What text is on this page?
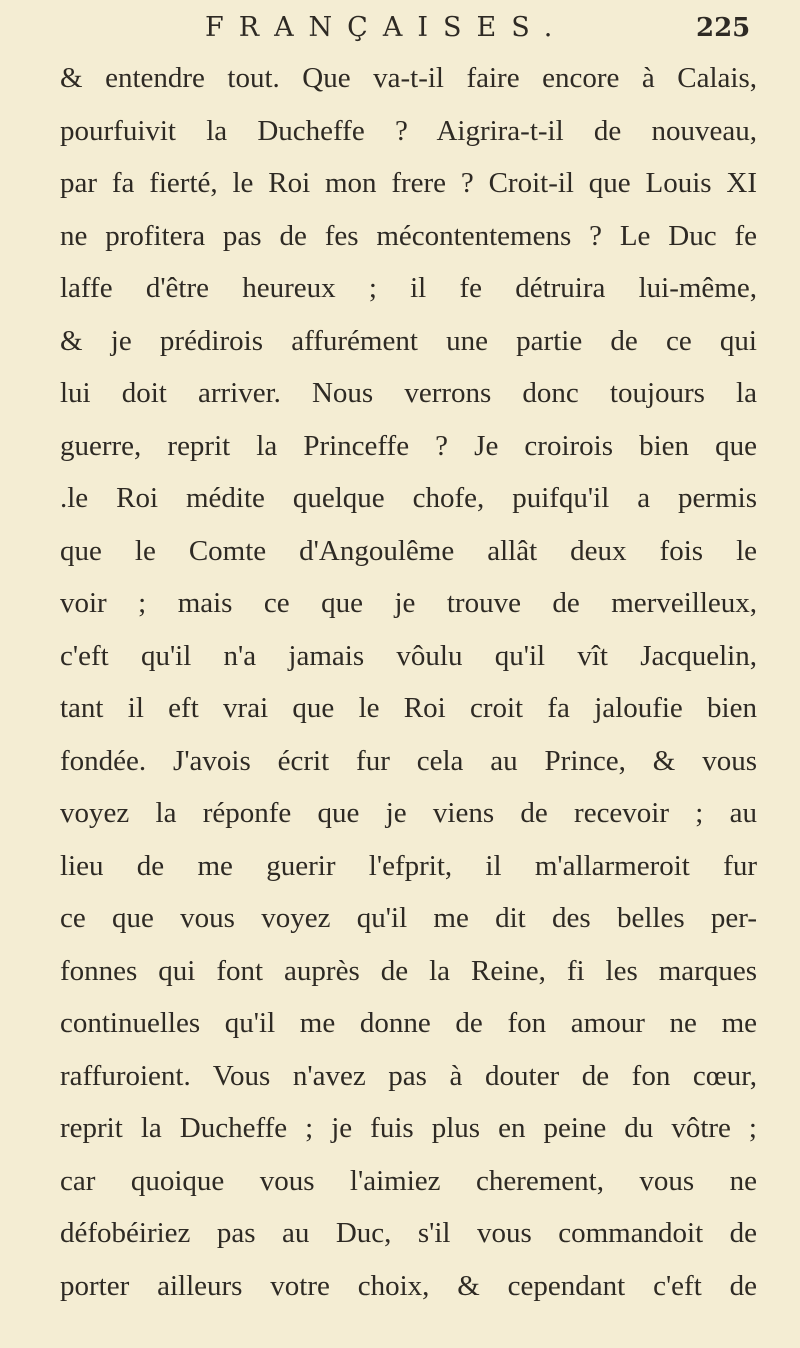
FRANÇAISES.	225
& entendre tout. Que va-t-il faire encore à Calais,
pourfuivit la Ducheffe ? Aigrira-t-il de nouveau,
par fa fierté, le Roi mon frere ? Croit-il que Louis XI
ne profitera pas de fes mécontentemens ? Le Duc fe
laffe d'être heureux ; il fe détruira lui-même,
& je prédirois affurément une partie de ce qui
lui doit arriver. Nous verrons donc toujours la
guerre, reprit la Princeffe ? Je croirois bien que
.le Roi médite quelque chofe, puifqu'il a permis
que le Comte d'Angoulême allât deux fois le
voir ; mais ce que je trouve de merveilleux,
c'eft qu'il n'a jamais vôulu qu'il vît Jacquelin,
tant il eft vrai que le Roi croit fa jaloufie bien
fondée. J'avois écrit fur cela au Prince, & vous
voyez la réponfe que je viens de recevoir ; au
lieu de me guerir l'efprit, il m'allarmeroit fur
ce que vous voyez qu'il me dit des belles per-
fonnes qui font auprès de la Reine, fi les marques
continuelles qu'il me donne de fon amour ne me
raffuroient. Vous n'avez pas à douter de fon cœur,
reprit la Ducheffe ; je fuis plus en peine du vôtre ;
car quoique vous l'aimiez cherement, vous ne
défobéiriez pas au Duc, s'il vous commandoit de
porter ailleurs votre choix, & cependant c'eft de
